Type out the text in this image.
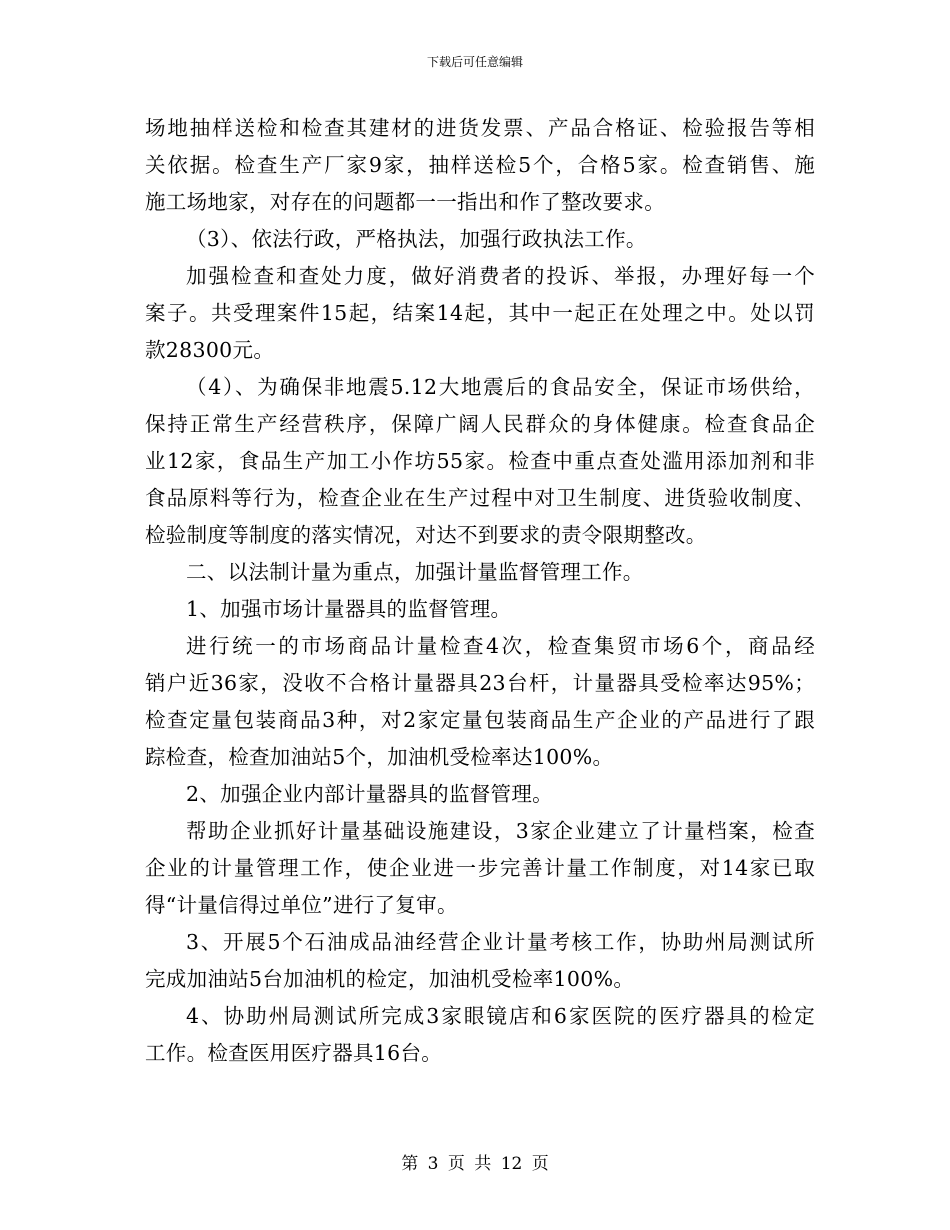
下载后可任意编辑
场地抽样送检和检查其建材的进货发票、产品合格证、检验报告等相
关依据。检查生产厂家9家，抽样送检5个，合格5家。检查销售、施
施工场地家，对存在的问题都一一指出和作了整改要求。
（3）、依法行政，严格执法，加强行政执法工作。
加强检查和查处力度，做好消费者的投诉、举报，办理好每一个
案子。共受理案件15起，结案14起，其中一起正在处理之中。处以罚
款28300元。
（4）、为确保非地震5.12大地震后的食品安全，保证市场供给，
保持正常生产经营秩序，保障广阔人民群众的身体健康。检查食品企
业12家，食品生产加工小作坊55家。检查中重点查处滥用添加剂和非
食品原料等行为，检查企业在生产过程中对卫生制度、进货验收制度、
检验制度等制度的落实情况，对达不到要求的责令限期整改。
二、以法制计量为重点，加强计量监督管理工作。
1、加强市场计量器具的监督管理。
进行统一的市场商品计量检查4次，检查集贸市场6个，商品经
销户近36家，没收不合格计量器具23台杆，计量器具受检率达95%；
检查定量包装商品3种，对2家定量包装商品生产企业的产品进行了跟
踪检查，检查加油站5个，加油机受检率达100%。
2、加强企业内部计量器具的监督管理。
帮助企业抓好计量基础设施建设，3家企业建立了计量档案，检查
企业的计量管理工作，使企业进一步完善计量工作制度，对14家已取
得“计量信得过单位”进行了复审。
3、开展5个石油成品油经营企业计量考核工作，协助州局测试所
完成加油站5台加油机的检定，加油机受检率100%。
4、协助州局测试所完成3家眼镜店和6家医院的医疗器具的检定
工作。检查医用医疗器具16台。
第 3 页 共 12 页
